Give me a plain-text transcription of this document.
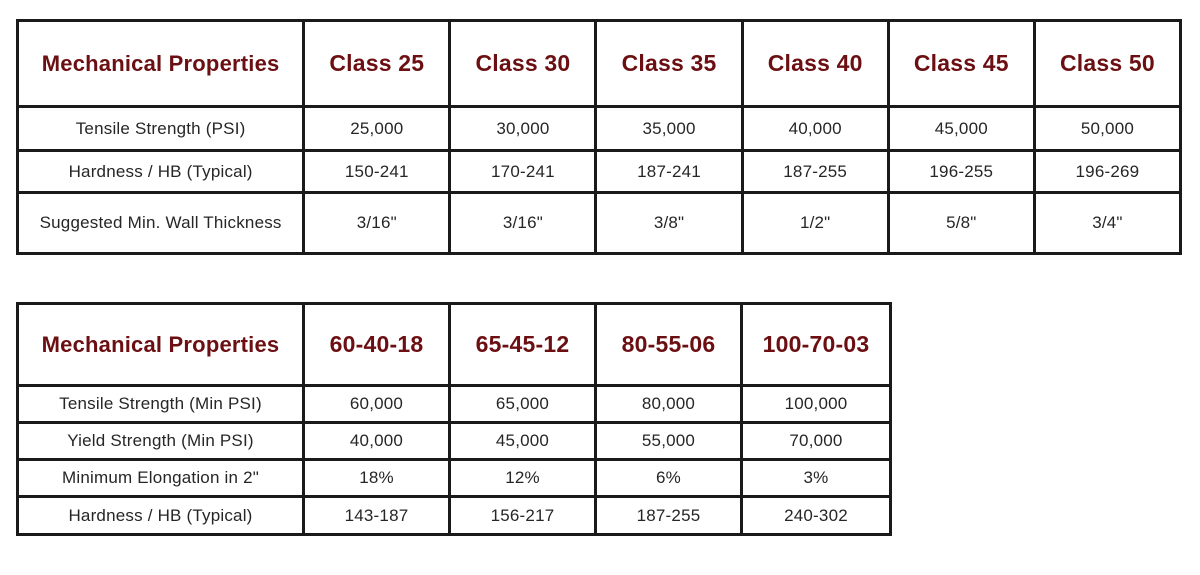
Mechanical Properties	Class 25	Class 30	Class 35	Class 40	Class 45	Class 50
Tensile Strength (PSI)	25,000	30,000	35,000	40,000	45,000	50,000
Hardness / HB (Typical)	150-241	170-241	187-241	187-255	196-255	196-269
Suggested Min. Wall Thickness	3/16"	3/16"	3/8"	1/2"	5/8"	3/4"
Mechanical Properties	60-40-18	65-45-12	80-55-06	100-70-03
Tensile Strength (Min PSI)	60,000	65,000	80,000	100,000
Yield Strength (Min PSI)	40,000	45,000	55,000	70,000
Minimum Elongation in 2"	18%	12%	6%	3%
Hardness / HB (Typical)	143-187	156-217	187-255	240-302
